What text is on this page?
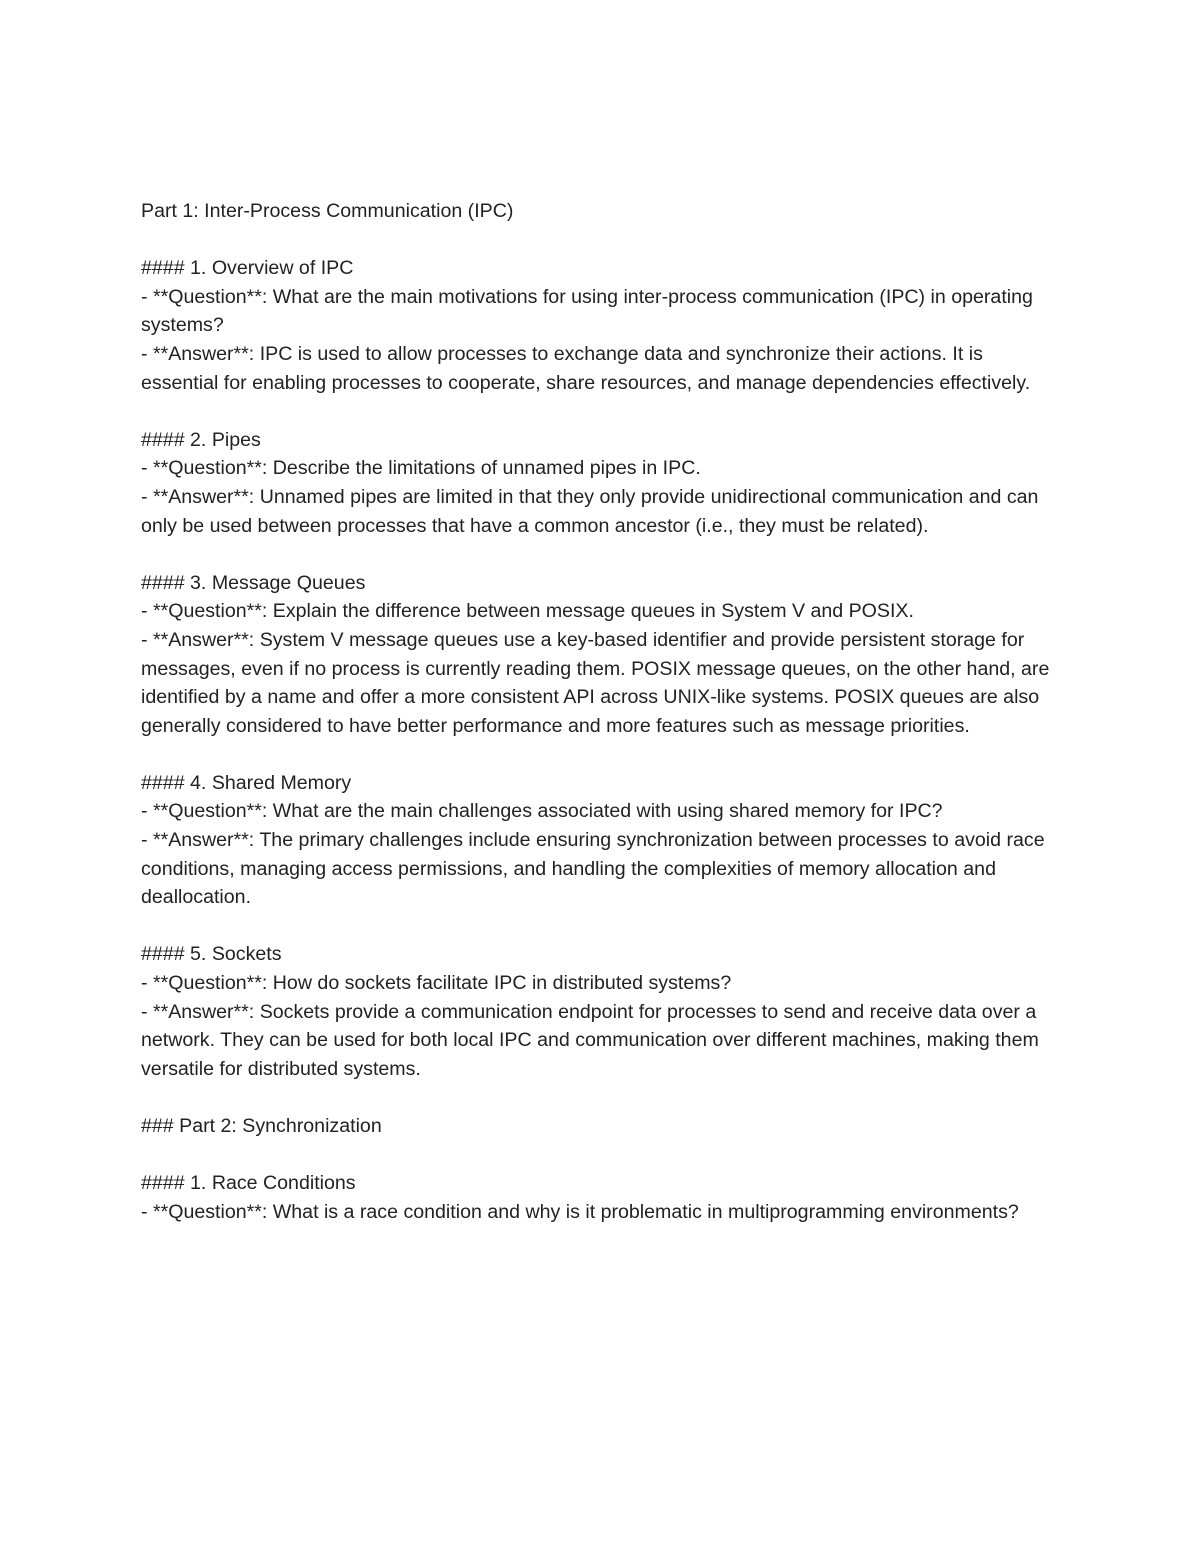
Part 1: Inter-Process Communication (IPC)

#### 1. Overview of IPC

- **Question**: What are the main motivations for using inter-process communication (IPC) in operating systems?

- **Answer**: IPC is used to allow processes to exchange data and synchronize their actions. It is essential for enabling processes to cooperate, share resources, and manage dependencies effectively.

#### 2. Pipes

- **Question**: Describe the limitations of unnamed pipes in IPC.

- **Answer**: Unnamed pipes are limited in that they only provide unidirectional communication and can only be used between processes that have a common ancestor (i.e., they must be related).

#### 3. Message Queues

- **Question**: Explain the difference between message queues in System V and POSIX.

- **Answer**: System V message queues use a key-based identifier and provide persistent storage for messages, even if no process is currently reading them. POSIX message queues, on the other hand, are identified by a name and offer a more consistent API across UNIX-like systems. POSIX queues are also generally considered to have better performance and more features such as message priorities.

#### 4. Shared Memory

- **Question**: What are the main challenges associated with using shared memory for IPC?

- **Answer**: The primary challenges include ensuring synchronization between processes to avoid race conditions, managing access permissions, and handling the complexities of memory allocation and deallocation.

#### 5. Sockets

- **Question**: How do sockets facilitate IPC in distributed systems?

- **Answer**: Sockets provide a communication endpoint for processes to send and receive data over a network. They can be used for both local IPC and communication over different machines, making them versatile for distributed systems.

### Part 2: Synchronization

#### 1. Race Conditions

- **Question**: What is a race condition and why is it problematic in multiprogramming environments?
